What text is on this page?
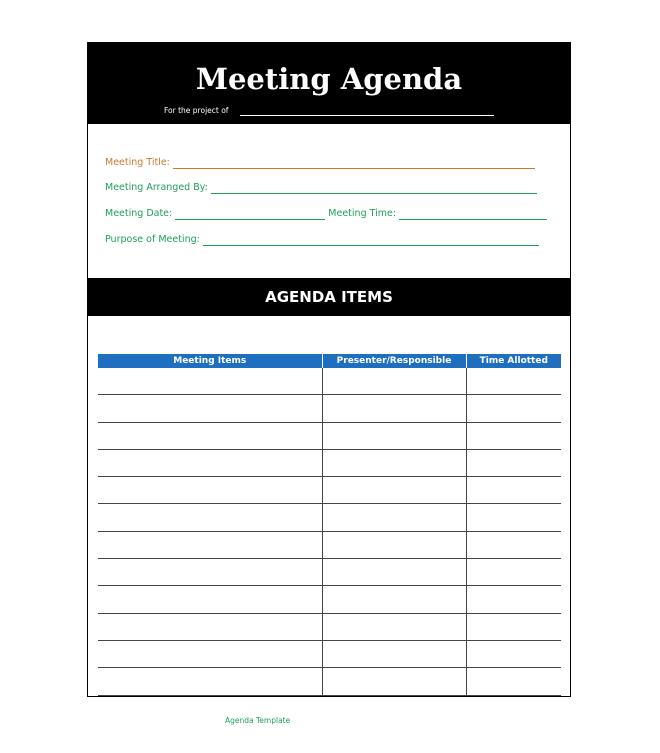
Meeting Agenda
For the project of
Meeting Title:
Meeting Arranged By:
Meeting Date:	Meeting Time:
Purpose of Meeting:
AGENDA ITEMS
Meeting Items	Presenter/Responsible	Time Allotted

Agenda Template
